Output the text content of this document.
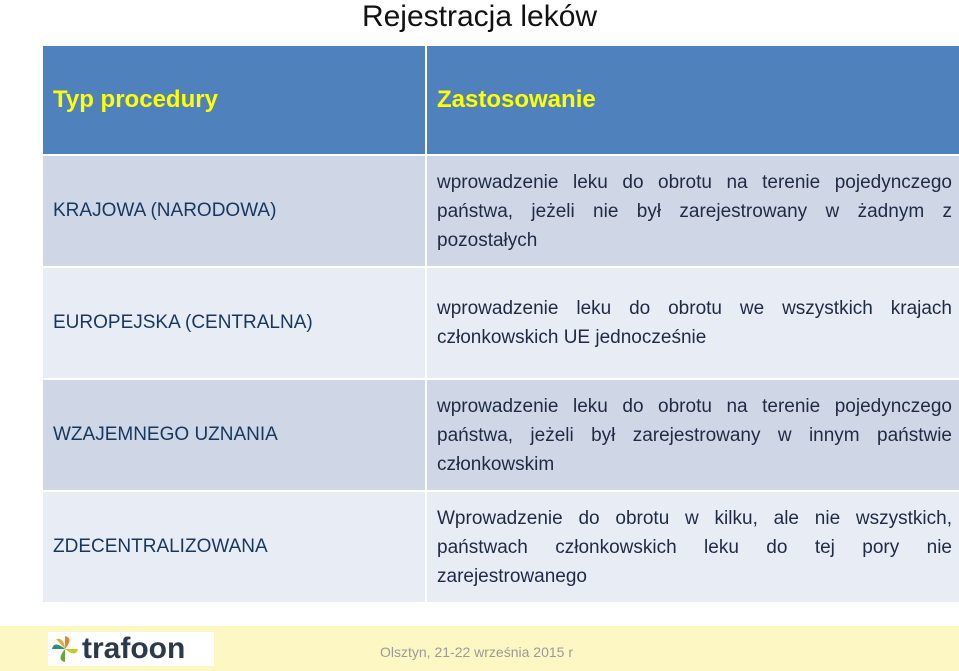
Rejestracja leków
Typ procedury	Zastosowanie
KRAJOWA (NARODOWA)	wprowadzenie leku do obrotu na terenie pojedynczego państwa, jeżeli nie był zarejestrowany w żadnym z pozostałych
EUROPEJSKA (CENTRALNA)	wprowadzenie leku do obrotu we wszystkich krajach członkowskich UE jednocześnie
WZAJEMNEGO UZNANIA	wprowadzenie leku do obrotu na terenie pojedynczego państwa, jeżeli był zarejestrowany w innym państwie członkowskim
ZDECENTRALIZOWANA	Wprowadzenie do obrotu w kilku, ale nie wszystkich, państwach członkowskich leku do tej pory nie zarejestrowanego
trafoon	Olsztyn, 21-22 września 2015 r
